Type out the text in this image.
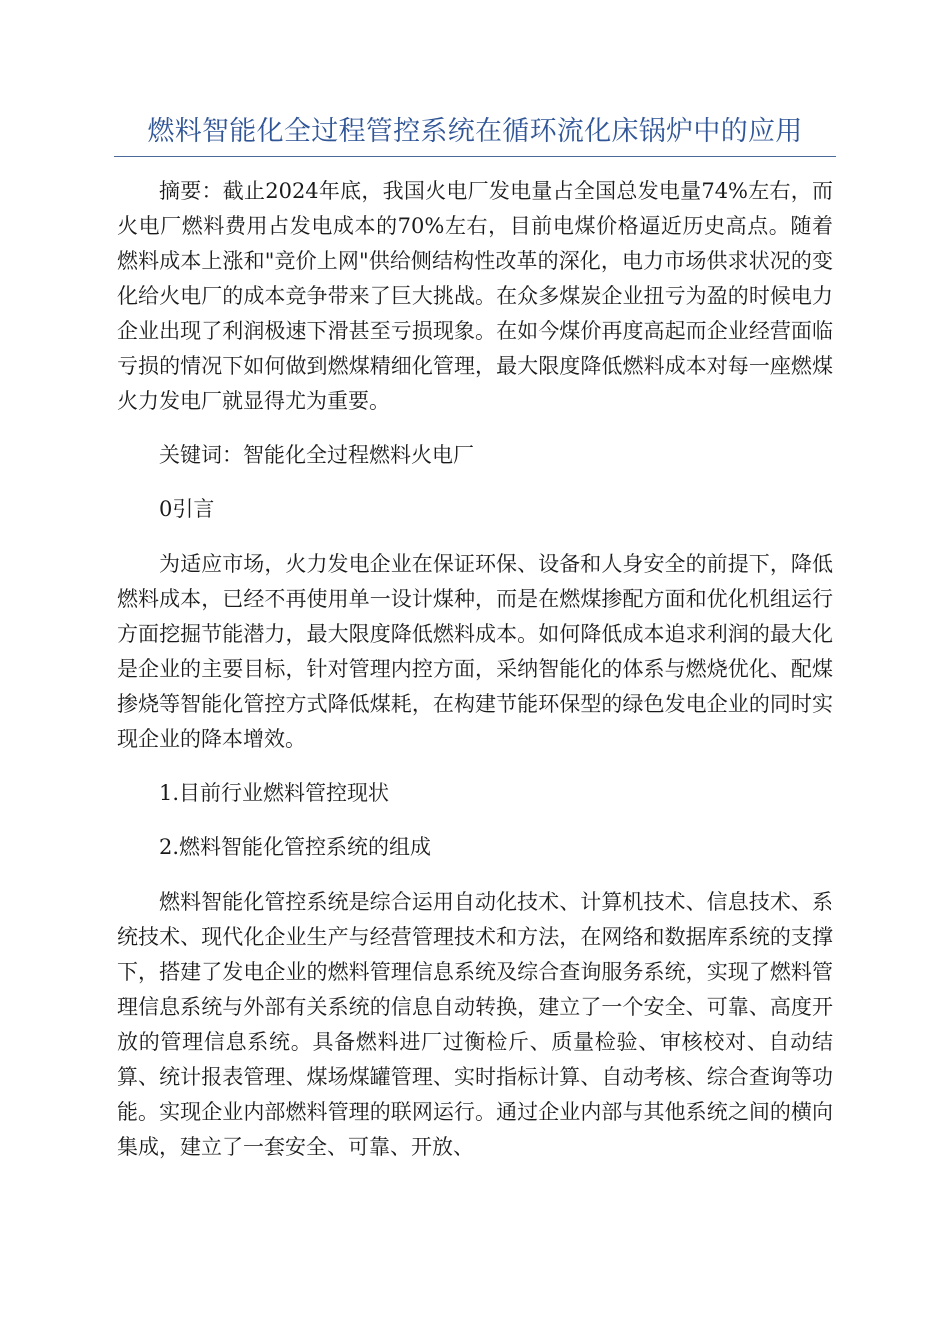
燃料智能化全过程管控系统在循环流化床锅炉中的应用

摘要：截止2024年底，我国火电厂发电量占全国总发电量74%左右，而火电厂燃料费用占发电成本的70%左右，目前电煤价格逼近历史高点。随着燃料成本上涨和"竞价上网"供给侧结构性改革的深化，电力市场供求状况的变化给火电厂的成本竞争带来了巨大挑战。在众多煤炭企业扭亏为盈的时候电力企业出现了利润极速下滑甚至亏损现象。在如今煤价再度高起而企业经营面临亏损的情况下如何做到燃煤精细化管理，最大限度降低燃料成本对每一座燃煤火力发电厂就显得尤为重要。

关键词：智能化全过程燃料火电厂

0引言

为适应市场，火力发电企业在保证环保、设备和人身安全的前提下，降低燃料成本，已经不再使用单一设计煤种，而是在燃煤掺配方面和优化机组运行方面挖掘节能潜力，最大限度降低燃料成本。如何降低成本追求利润的最大化是企业的主要目标，针对管理内控方面，采纳智能化的体系与燃烧优化、配煤掺烧等智能化管控方式降低煤耗，在构建节能环保型的绿色发电企业的同时实现企业的降本增效。

1.目前行业燃料管控现状

2.燃料智能化管控系统的组成

燃料智能化管控系统是综合运用自动化技术、计算机技术、信息技术、系统技术、现代化企业生产与经营管理技术和方法，在网络和数据库系统的支撑下，搭建了发电企业的燃料管理信息系统及综合查询服务系统，实现了燃料管理信息系统与外部有关系统的信息自动转换，建立了一个安全、可靠、高度开放的管理信息系统。具备燃料进厂过衡检斤、质量检验、审核校对、自动结算、统计报表管理、煤场煤罐管理、实时指标计算、自动考核、综合查询等功能。实现企业内部燃料管理的联网运行。通过企业内部与其他系统之间的横向集成，建立了一套安全、可靠、开放、
